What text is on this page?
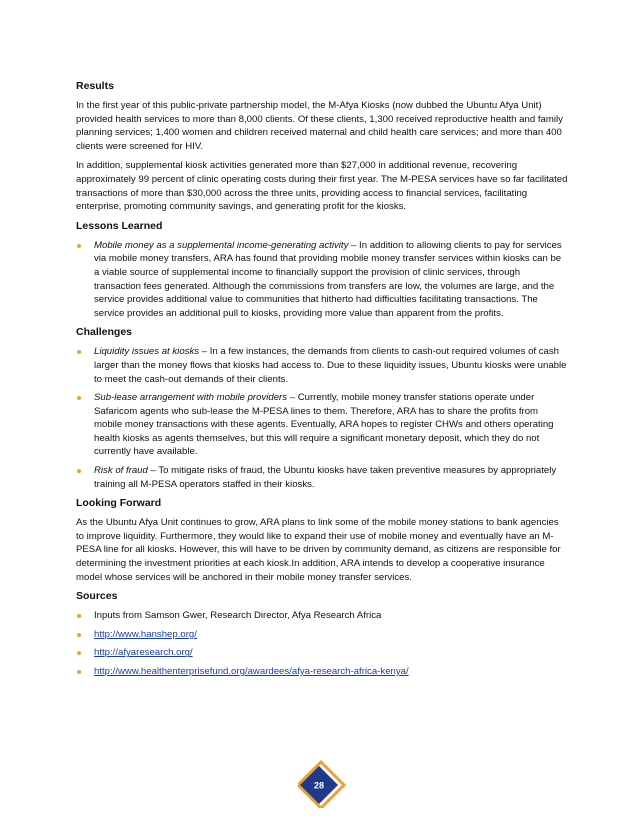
Results

In the first year of this public-private partnership model, the M-Afya Kiosks (now dubbed the Ubuntu Afya Unit) provided health services to more than 8,000 clients. Of these clients, 1,300 received reproductive health and family planning services; 1,400 women and children received maternal and child health care services; and more than 400 clients were screened for HIV.

In addition, supplemental kiosk activities generated more than $27,000 in additional revenue, recovering approximately 99 percent of clinic operating costs during their first year. The M-PESA services have so far facilitated transactions of more than $30,000 across the three units, providing access to financial services, facilitating enterprise, promoting community savings, and generating profit for the kiosks.

Lessons Learned
Mobile money as a supplemental income-generating activity – In addition to allowing clients to pay for services via mobile money transfers, ARA has found that providing mobile money transfer services within kiosks can be a viable source of supplemental income to financially support the provision of clinic services, through transaction fees generated. Although the commissions from transfers are low, the volumes are large, and the service provides additional value to communities that hitherto had difficulties facilitating transactions. The service provides an additional pull to kiosks, providing more value than apparent from the profits.
Challenges
Liquidity issues at kiosks – In a few instances, the demands from clients to cash-out required volumes of cash larger than the money flows that kiosks had access to. Due to these liquidity issues, Ubuntu kiosks were unable to meet the cash-out demands of their clients.
Sub-lease arrangement with mobile providers – Currently, mobile money transfer stations operate under Safaricom agents who sub-lease the M-PESA lines to them. Therefore, ARA has to share the profits from mobile money transactions with these agents. Eventually, ARA hopes to register CHWs and others operating health kiosks as agents themselves, but this will require a significant monetary deposit, which they do not currently have available.
Risk of fraud – To mitigate risks of fraud, the Ubuntu kiosks have taken preventive measures by appropriately training all M-PESA operators staffed in their kiosks.
Looking Forward

As the Ubuntu Afya Unit continues to grow, ARA plans to link some of the mobile money stations to bank agencies to improve liquidity. Furthermore, they would like to expand their use of mobile money and eventually have an M-PESA line for all kiosks. However, this will have to be driven by community demand, as citizens are responsible for determining the investment priorities at each kiosk.In addition, ARA intends to develop a cooperative insurance model whose services will be anchored in their mobile money transfer services.

Sources
Inputs from Samson Gwer, Research Director, Afya Research Africa
http://www.hanshep.org/
http://afyaresearch.org/
http://www.healthenterprisefund.org/awardees/afya-research-africa-kenya/
28
